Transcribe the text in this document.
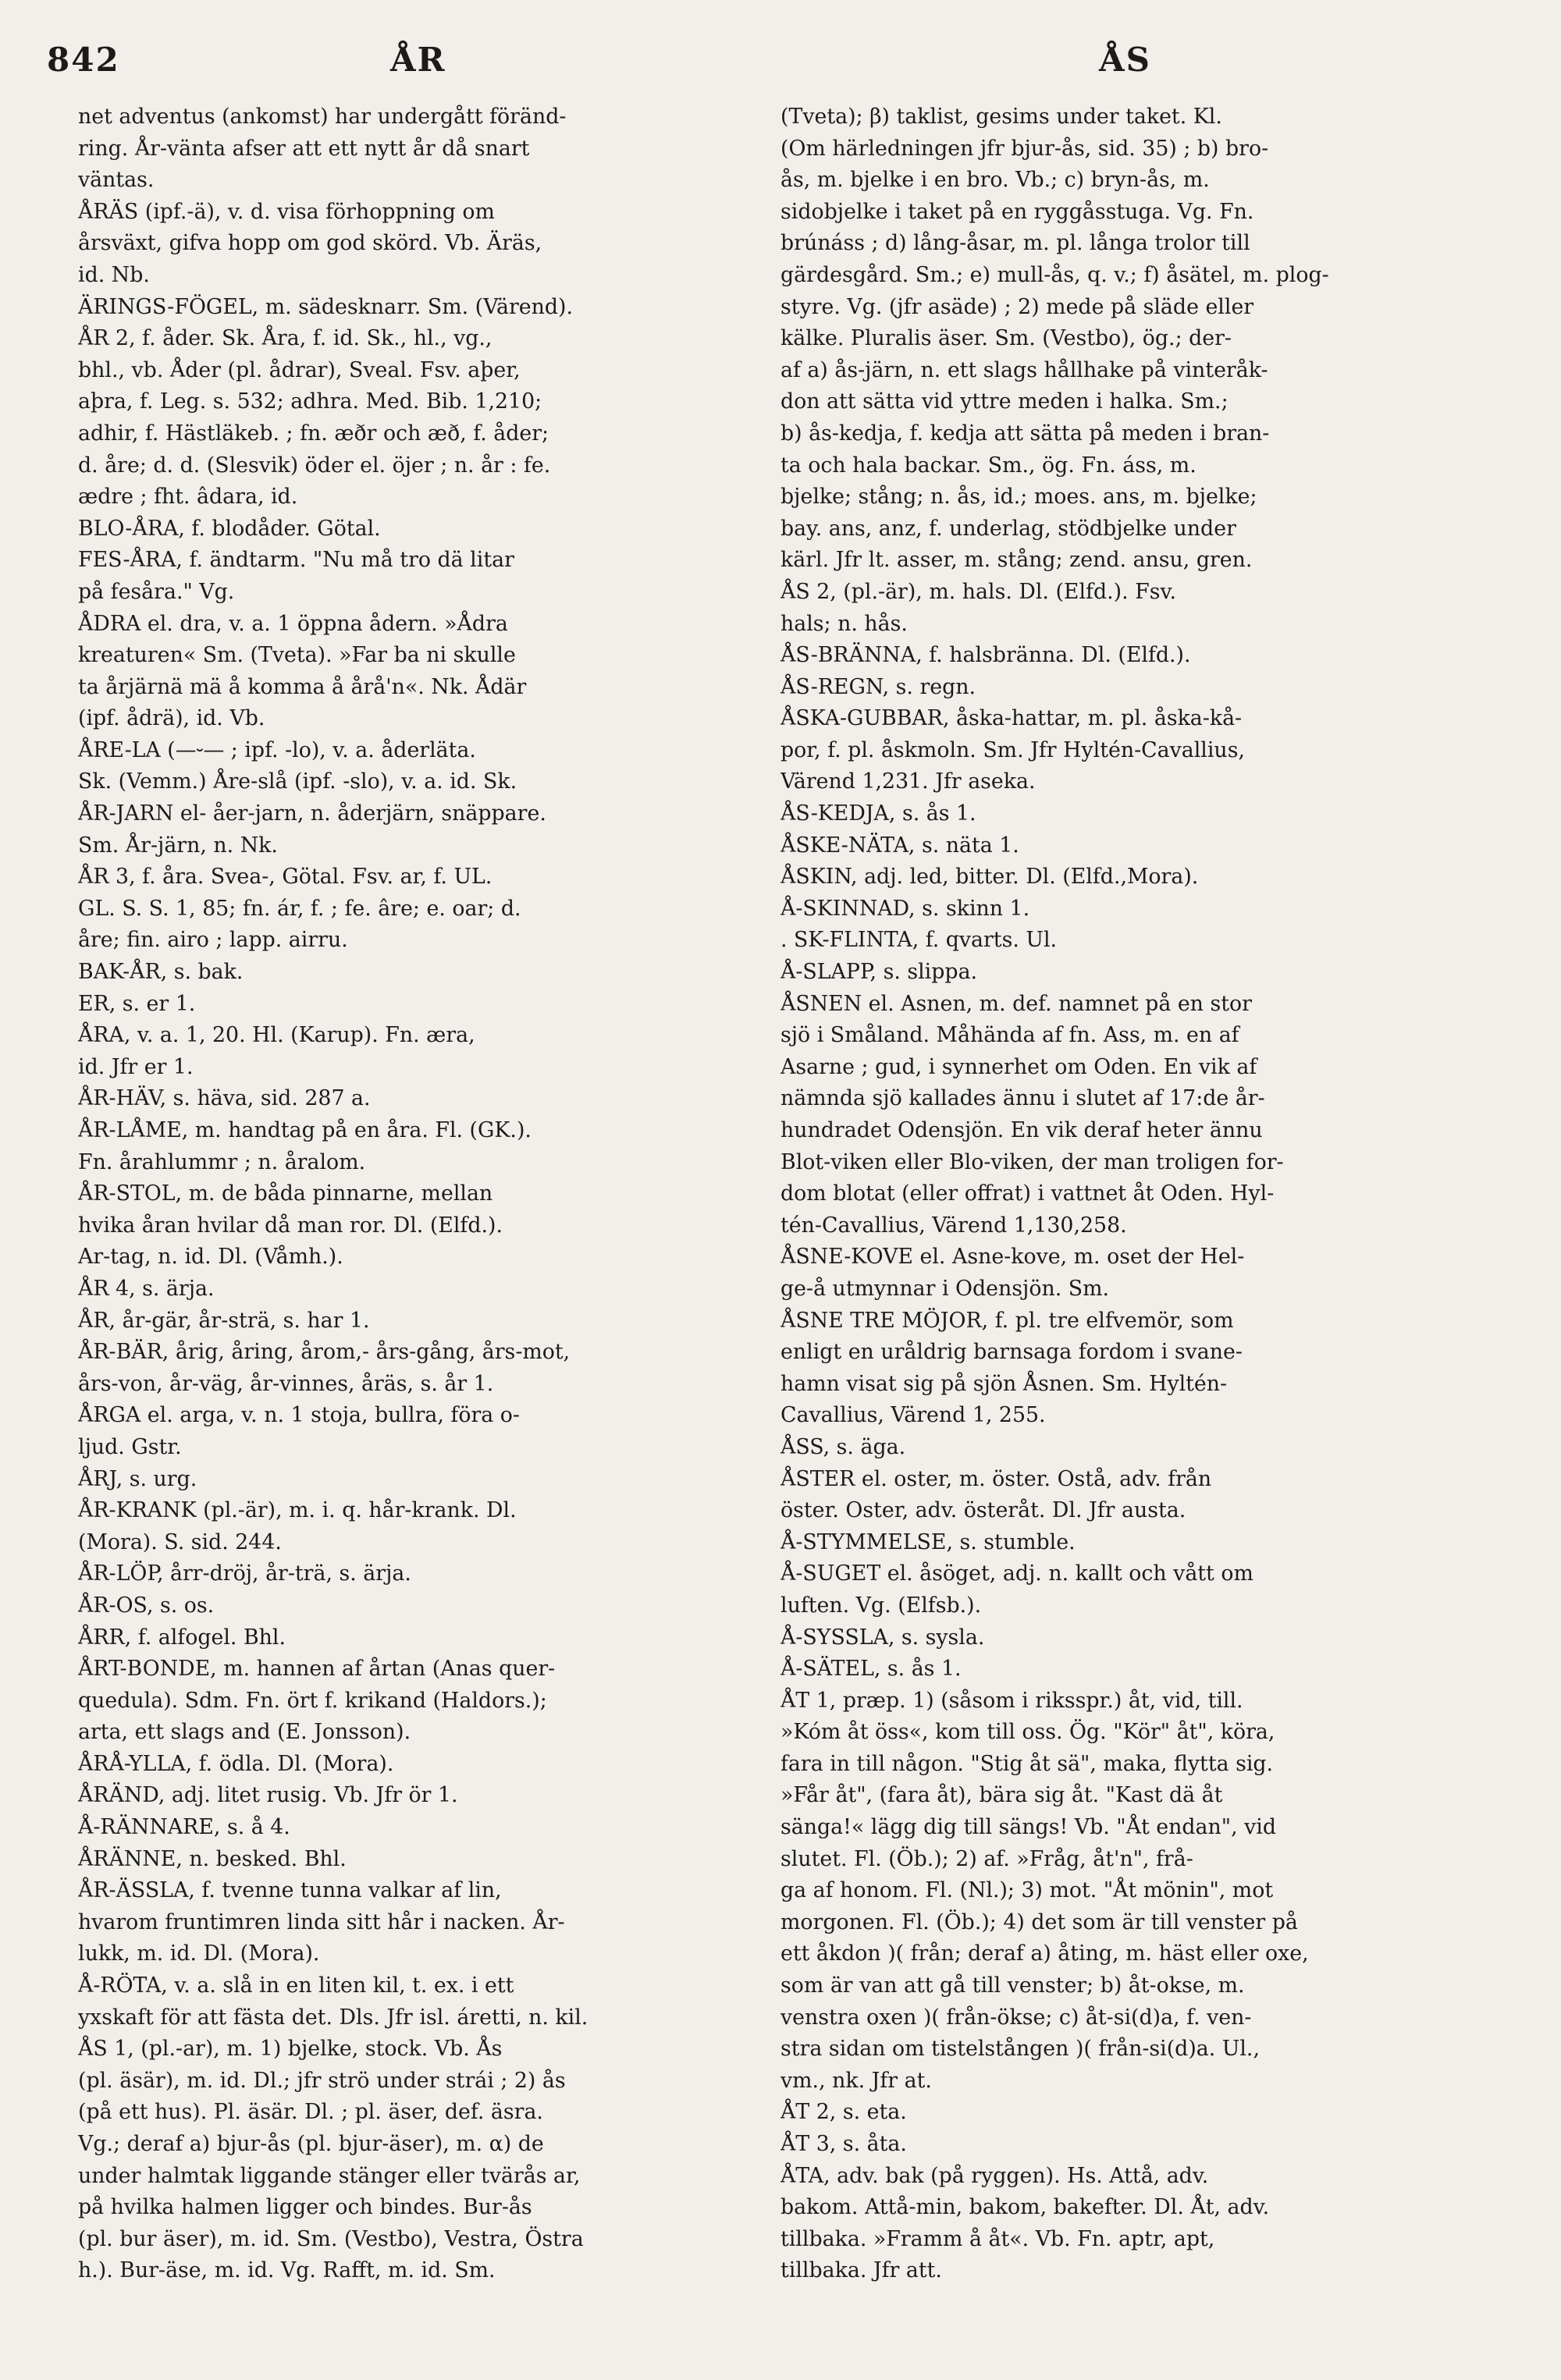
842	ÅR	ÅS
net adventus (ankomst) har undergått föränd-
ring. År-vänta afser att ett nytt år då snart
väntas.
ÅRÄS (ipf.-ä), v. d. visa förhoppning om
årsväxt, gifva hopp om god skörd. Vb. Äräs,
id. Nb.
ÄRINGS-FÖGEL, m. sädesknarr. Sm. (Värend).
ÅR 2, f. åder. Sk. Åra, f. id. Sk., hl., vg.,
bhl., vb. Åder (pl. ådrar), Sveal. Fsv. aþer,
aþra, f. Leg. s. 532; adhra. Med. Bib. 1,210;
adhir, f. Hästläkeb. ; fn. æðr och æð, f. åder;
d. åre; d. d. (Slesvik) öder el. öjer ; n. år : fe.
ædre ; fht. âdara, id.
BLO-ÅRA, f. blodåder. Götal.
FES-ÅRA, f. ändtarm. "Nu må tro dä litar
på fesåra." Vg.
ÅDRA el. dra, v. a. 1 öppna ådern. »Ådra
kreaturen« Sm. (Tveta). »Far ba ni skulle
ta årjärnä mä å komma å årå'n«. Nk. Ådär
(ipf. ådrä), id. Vb.
ÅRE-LA (—⏑— ; ipf. -lo), v. a. åderläta.
Sk. (Vemm.) Åre-slå (ipf. -slo), v. a. id. Sk.
ÅR-JARN el- åer-jarn, n. åderjärn, snäppare.
Sm. År-järn, n. Nk.
ÅR 3, f. åra. Svea-, Götal. Fsv. ar, f. UL.
GL. S. S. 1, 85; fn. ár, f. ; fe. âre; e. oar; d.
åre; fin. airo ; lapp. airru.
BAK-ÅR, s. bak.
ER, s. er 1.
ÅRA, v. a. 1, 20. Hl. (Karup). Fn. æra,
id. Jfr er 1.
ÅR-HÄV, s. häva, sid. 287 a.
ÅR-LÅME, m. handtag på en åra. Fl. (GK.).
Fn. årahlummr ; n. åralom.
ÅR-STOL, m. de båda pinnarne, mellan
hvika åran hvilar då man ror. Dl. (Elfd.).
Ar-tag, n. id. Dl. (Våmh.).
ÅR 4, s. ärja.
ÅR, år-gär, år-strä, s. har 1.
ÅR-BÄR, årig, åring, årom,- års-gång, års-mot,
års-von, år-väg, år-vinnes, åräs, s. år 1.
ÅRGA el. arga, v. n. 1 stoja, bullra, föra o-
ljud. Gstr.
ÅRJ, s. urg.
ÅR-KRANK (pl.-är), m. i. q. hår-krank. Dl.
(Mora). S. sid. 244.
ÅR-LÖP, årr-dröj, år-trä, s. ärja.
ÅR-OS, s. os.
ÅRR, f. alfogel. Bhl.
ÅRT-BONDE, m. hannen af årtan (Anas quer-
quedula). Sdm. Fn. ört f. krikand (Haldors.);
arta, ett slags and (E. Jonsson).
ÅRÅ-YLLA, f. ödla. Dl. (Mora).
ÅRÄND, adj. litet rusig. Vb. Jfr ör 1.
Å-RÄNNARE, s. å 4.
ÅRÄNNE, n. besked. Bhl.
ÅR-ÄSSLA, f. tvenne tunna valkar af lin,
hvarom fruntimren linda sitt hår i nacken. År-
lukk, m. id. Dl. (Mora).
Å-RÖTA, v. a. slå in en liten kil, t. ex. i ett
yxskaft för att fästa det. Dls. Jfr isl. áretti, n. kil.
ÅS 1, (pl.-ar), m. 1) bjelke, stock. Vb. Ås
(pl. äsär), m. id. Dl.; jfr strö under strái ; 2) ås
(på ett hus). Pl. äsär. Dl. ; pl. äser, def. äsra.
Vg.; deraf a) bjur-ås (pl. bjur-äser), m. α) de
under halmtak liggande stänger eller tvärås ar,
på hvilka halmen ligger och bindes. Bur-ås
(pl. bur äser), m. id. Sm. (Vestbo), Vestra, Östra
h.). Bur-äse, m. id. Vg. Rafft, m. id. Sm.
(Tveta); β) taklist, gesims under taket. Kl.
(Om härledningen jfr bjur-ås, sid. 35) ; b) bro-
ås, m. bjelke i en bro. Vb.; c) bryn-ås, m.
sidobjelke i taket på en ryggåsstuga. Vg. Fn.
brúnáss ; d) lång-åsar, m. pl. långa trolor till
gärdesgård. Sm.; e) mull-ås, q. v.; f) åsätel, m. plog-
styre. Vg. (jfr asäde) ; 2) mede på släde eller
kälke. Pluralis äser. Sm. (Vestbo), ög.; der-
af a) ås-järn, n. ett slags hållhake på vinteråk-
don att sätta vid yttre meden i halka. Sm.;
b) ås-kedja, f. kedja att sätta på meden i bran-
ta och hala backar. Sm., ög. Fn. áss, m.
bjelke; stång; n. ås, id.; moes. ans, m. bjelke;
bay. ans, anz, f. underlag, stödbjelke under
kärl. Jfr lt. asser, m. stång; zend. ansu, gren.
ÅS 2, (pl.-är), m. hals. Dl. (Elfd.). Fsv.
hals; n. hås.
ÅS-BRÄNNA, f. halsbränna. Dl. (Elfd.).
ÅS-REGN, s. regn.
ÅSKA-GUBBAR, åska-hattar, m. pl. åska-kå-
por, f. pl. åskmoln. Sm. Jfr Hyltén-Cavallius,
Värend 1,231. Jfr aseka.
ÅS-KEDJA, s. ås 1.
ÅSKE-NÄTA, s. näta 1.
ÅSKIN, adj. led, bitter. Dl. (Elfd.,Mora).
Å-SKINNAD, s. skinn 1.
. SK-FLINTA, f. qvarts. Ul.
Å-SLAPP, s. slippa.
ÅSNEN el. Asnen, m. def. namnet på en stor
sjö i Småland. Måhända af fn. Ass, m. en af
Asarne ; gud, i synnerhet om Oden. En vik af
nämnda sjö kallades ännu i slutet af 17:de år-
hundradet Odensjön. En vik deraf heter ännu
Blot-viken eller Blo-viken, der man troligen for-
dom blotat (eller offrat) i vattnet åt Oden. Hyl-
tén-Cavallius, Värend 1,130,258.
ÅSNE-KOVE el. Asne-kove, m. oset der Hel-
ge-å utmynnar i Odensjön. Sm.
ÅSNE TRE MÖJOR, f. pl. tre elfvemör, som
enligt en uråldrig barnsaga fordom i svane-
hamn visat sig på sjön Åsnen. Sm. Hyltén-
Cavallius, Värend 1, 255.
ÅSS, s. äga.
ÅSTER el. oster, m. öster. Ostå, adv. från
öster. Oster, adv. österåt. Dl. Jfr austa.
Å-STYMMELSE, s. stumble.
Å-SUGET el. åsöget, adj. n. kallt och vått om
luften. Vg. (Elfsb.).
Å-SYSSLA, s. sysla.
Å-SÄTEL, s. ås 1.
ÅT 1, præp. 1) (såsom i riksspr.) åt, vid, till.
»Kóm åt öss«, kom till oss. Ög. "Kör" åt", köra,
fara in till någon. "Stig åt sä", maka, flytta sig.
»Får åt", (fara åt), bära sig åt. "Kast dä åt
sänga!« lägg dig till sängs! Vb. "Åt endan", vid
slutet. Fl. (Öb.); 2) af. »Fråg, åt'n", frå-
ga af honom. Fl. (Nl.); 3) mot. "Åt mönin", mot
morgonen. Fl. (Öb.); 4) det som är till venster på
ett åkdon )( från; deraf a) åting, m. häst eller oxe,
som är van att gå till venster; b) åt-okse, m.
venstra oxen )( från-ökse; c) åt-si(d)a, f. ven-
stra sidan om tistelstången )( från-si(d)a. Ul.,
vm., nk. Jfr at.
ÅT 2, s. eta.
ÅT 3, s. åta.
ÅTA, adv. bak (på ryggen). Hs. Attå, adv.
bakom. Attå-min, bakom, bakefter. Dl. Åt, adv.
tillbaka. »Framm å åt«. Vb. Fn. aptr, apt,
tillbaka. Jfr att.
